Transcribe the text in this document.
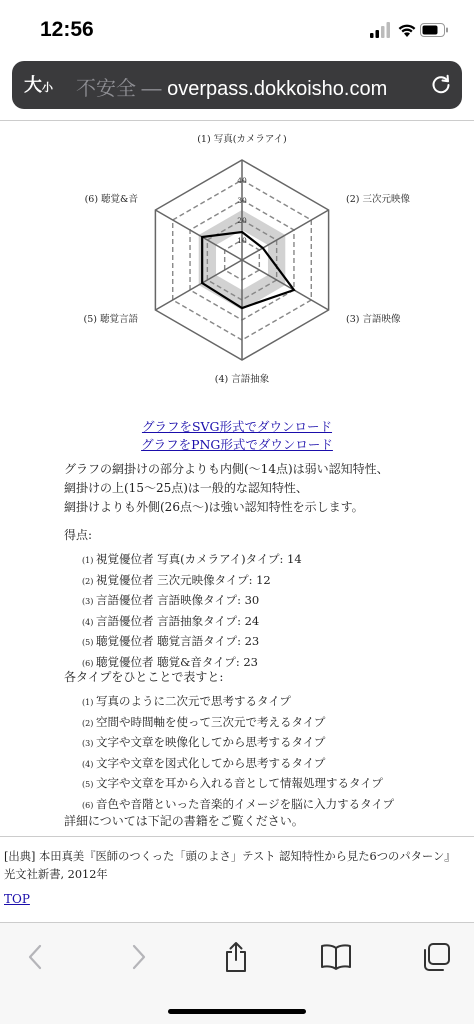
12:56
大小 不安全 — overpass.dokkoisho.com
10
20
30
40
(1) 写真(カメラアイ)
(2) 三次元映像
(3) 言語映像
(4) 言語抽象
(5) 聴覚言語
(6) 聴覚&音
グラフをSVG形式でダウンロード
グラフをPNG形式でダウンロード
グラフの網掛けの部分よりも内側(〜14点)は弱い認知特性、
網掛けの上(15〜25点)は一般的な認知特性、
網掛けよりも外側(26点〜)は強い認知特性を示します。
得点:
(1) 視覚優位者 写真(カメラアイ)タイプ: 14
(2) 視覚優位者 三次元映像タイプ: 12
(3) 言語優位者 言語映像タイプ: 30
(4) 言語優位者 言語抽象タイプ: 24
(5) 聴覚優位者 聴覚言語タイプ: 23
(6) 聴覚優位者 聴覚&音タイプ: 23
各タイプをひとことで表すと:
(1) 写真のように二次元で思考するタイプ
(2) 空間や時間軸を使って三次元で考えるタイプ
(3) 文字や文章を映像化してから思考するタイプ
(4) 文字や文章を図式化してから思考するタイプ
(5) 文字や文章を耳から入れる音として情報処理するタイプ
(6) 音色や音階といった音楽的イメージを脳に入力するタイプ
詳細については下記の書籍をご覧ください。
[出典] 本田真美『医師のつくった「頭のよさ」テスト 認知特性から見た6つのパターン』
光文社新書, 2012年
TOP
